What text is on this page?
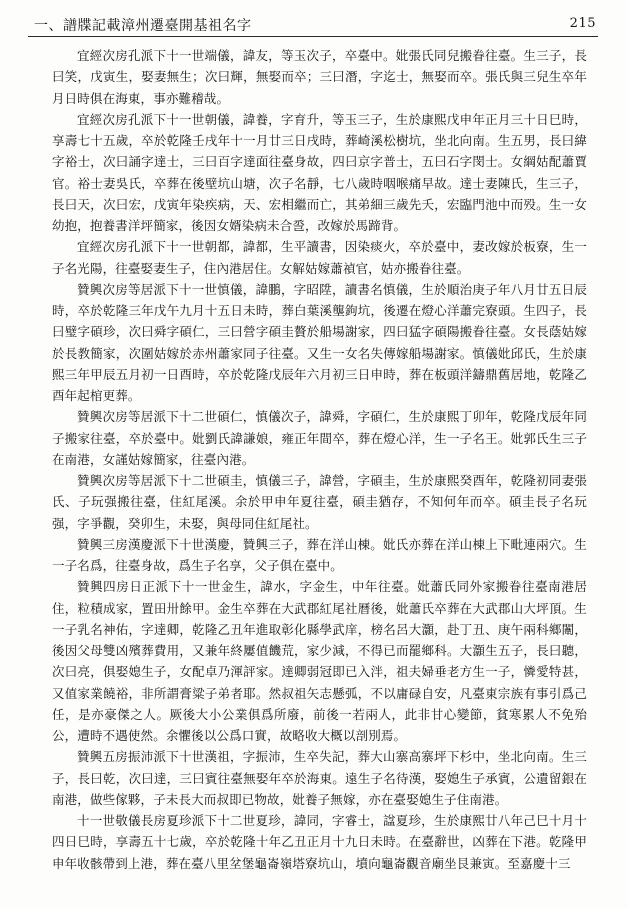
一、譜牒記載漳州遷臺開基祖名字	215

宜經次房孔派下十一世端儀，諱友，等玉次子，卒臺中。妣張氏同兒搬眷往臺。生三子，長曰笑，戊寅生，娶妻無生；次曰輝，無娶而卒；三曰潛，字迄士，無娶而卒。張氏與三兒生卒年月日時俱在海東，事亦難稽哉。

宜經次房孔派下十一世朝儀，諱養，字育升，等玉三子，生於康熙戊申年正月三十日巳時，享壽七十五歲，卒於乾隆壬戌年十一月廿三日戌時，葬崎溪松樹坑，坐北向南。生五男，長曰緯字裕士，次曰誦字達士，三曰百字達面往臺身故，四曰京字普士，五曰石字閔士。女綱姑配蕭賈官。裕士妻吳氏，卒葬在後壁坑山塘，次子名靜，七八歲時咽喉痛早故。達士妻陳氏，生三子，長曰天，次曰宏，戊寅年染疾病，天、宏相繼而亡，其弟細三歲先夭，宏臨門池中而殁。生一女幼抱，抱養書洋坪簡家，後因女婿染病未合巹，改嫁於馬蹄背。

宜經次房孔派下十一世朝都，諱都，生平讀書，因染痰火，卒於臺中，妻改嫁於板寮，生一子名光陽，往臺娶妻生子，住內港居住。女解姑嫁蕭禎官，姑亦搬眷往臺。

贊興次房等居派下十一世慎儀，諱鵬，字昭陞，讀書名慎儀，生於順治庚子年八月廿五日辰時，卒於乾隆三年戊午九月十五日未時，葬白葉溪壟鉤坑，後遷在燈心洋蕭完寮頭。生四子，長曰璧字碩珍，次曰舜字碩仁，三曰營字碩圭贅於船場謝家，四曰猛字碩陽搬眷往臺。女長蔭姑嫁於長教簡家，次圍姑嫁於赤州蕭家同子往臺。又生一女名失傳嫁船場謝家。慎儀妣邱氏，生於康熙三年甲辰五月初一日酉時，卒於乾隆戊辰年六月初三日申時，葬在板頭洋鑄鼎舊居地，乾隆乙酉年起棺更葬。

贊興次房等居派下十二世碩仁，慎儀次子，諱舜，字碩仁，生於康熙丁卯年，乾隆戊辰年同子搬家往臺，卒於臺中。妣劉氏諱謙娘，雍正年間卒，葬在燈心洋，生一子名王。妣郭氏生三子在南港，女謹姑嫁簡家，往臺內港。

贊興次房等居派下十二世碩圭，慎儀三子，諱營，字碩圭，生於康熙癸酉年，乾隆初同妻張氏、子玩强搬往臺，住紅尾溪。余於甲申年夏往臺，碩圭猶存，不知何年而卒。碩圭長子名玩强，字爭觀，癸卯生，未娶，與母同住紅尾社。

贊興三房漢慶派下十世漢慶，贊興三子，葬在洋山棟。妣氏亦葬在洋山棟上下毗連兩穴。生一子名爲，往臺身故，爲生子名享，父子俱在臺中。

贊興四房日正派下十一世金生，諱水，字金生，中年往臺。妣蕭氏同外家搬眷往臺南港居住，粒積成家，置田卅餘甲。金生卒葬在大武郡紅尾社曆後，妣蕭氏卒葬在大武郡山大坪頂。生一子乳名神佑，字達卿，乾隆乙丑年進取彰化縣學武庠，榜名呂大灝，赴丁丑、庚午兩科鄉闈，後因父母雙凶殯葬費用，又兼年終屢值饑荒，家少減，不得已而罷鄉科。大灝生五子，長曰聽，次曰亮，俱娶媳生子，女配卓乃渾評家。達卿弱冠即已入泮，祖夫婦垂老方生一子，憐愛特甚，又值家業饒裕，非所謂膏粱子弟者耶。然叔祖矢志懸弧，不以庸碌自安，凡臺東宗族有事引爲己任，是亦豪傑之人。厥後大小公業俱爲所廢，前後一若兩人，此非甘心變節，貧寒累人不免殆公，遭時不遇使然。余懼後以公爲口實，故略收大概以剖別焉。

贊興五房振沛派下十世漢祖，字振沛，生卒失記，葬大山寨高寨坪下杉中，坐北向南。生三子，長曰乾，次曰達，三曰賓往臺無娶年卒於海東。遠生子名待漢，娶媳生子承賓，公遺留銀在南港，做些傢夥，子未長大而叔即已物故，妣養子無嫁，亦在臺娶媳生子住南港。

十一世敬儀長房夏珍派下十二世夏珍，諱同，字睿士，諡夏珍，生於康熙廿八年己巳十月十四日巳時，享壽五十七歲，卒於乾隆十年乙丑正月十九日未時。在臺辭世，凶葬在下港。乾隆甲申年收骸帶到上港，葬在臺八里坌堡龜崙嶺塔寮坑山，墳向龜崙觀音廟坐艮兼寅。至嘉慶十三
